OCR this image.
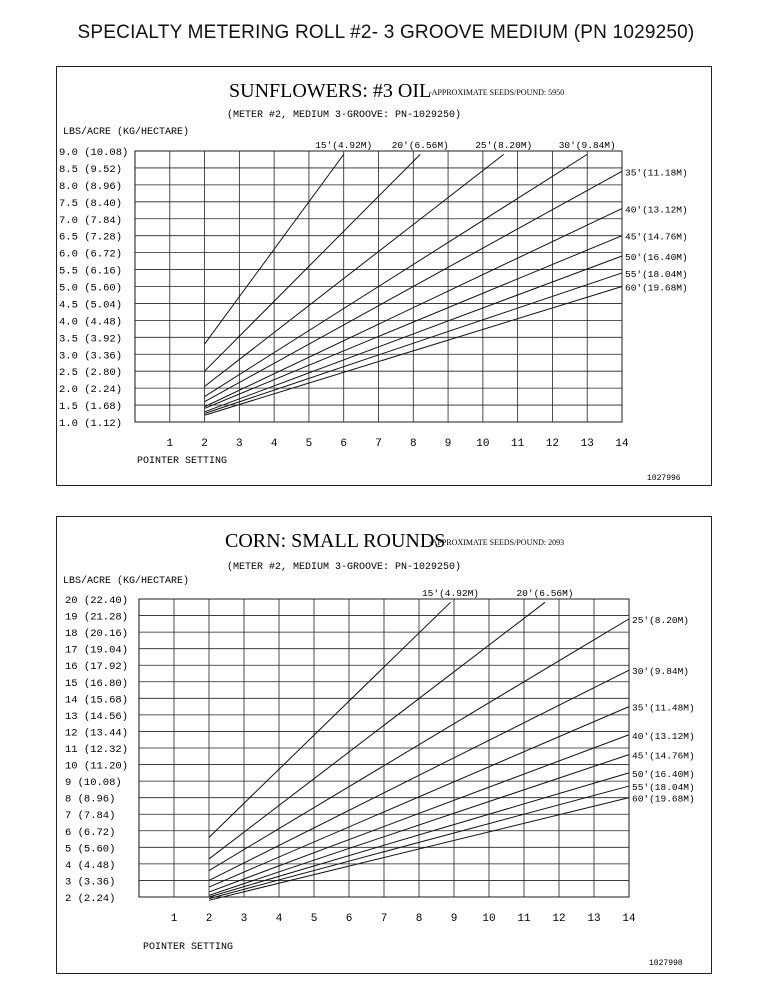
SPECIALTY METERING ROLL #2- 3 GROOVE MEDIUM (PN 1029250)
SUNFLOWERS: #3 OIL
-APPROXIMATE SEEDS/POUND: 5950
(METER #2, MEDIUM 3-GROOVE: PN-1029250)
LBS/ACRE (KG/HECTARE)
9.0 (10.08)
8.5 (9.52)
8.0 (8.96)
7.5 (8.40)
7.0 (7.84)
6.5 (7.28)
6.0 (6.72)
5.5 (6.16)
5.0 (5.60)
4.5 (5.04)
4.0 (4.48)
3.5 (3.92)
3.0 (3.36)
2.5 (2.80)
2.0 (2.24)
1.5 (1.68)
1.0 (1.12)
1	2	3	4	5	6	7	8	9 10 11 12 13 14
POINTER SETTING
1027996
15'(4.92M) 20'(6.56M)	25'(8.20M)	30'(9.84M)
35'(11.18M)
40'(13.12M)
45'(14.76M)
50'(16.40M)
55'(18.04M)
60'(19.68M)
CORN: SMALL ROUNDS
-APPROXIMATE SEEDS/POUND: 2093
(METER #2, MEDIUM 3-GROOVE: PN-1029250)
LBS/ACRE (KG/HECTARE)
20 (22.40)
19 (21.28)
18 (20.16)
17 (19.04)
16 (17.92)
15 (16.80)
14 (15.68)
13 (14.56)
12 (13.44)
11 (12.32)
10 (11.20)
9 (10.08)
8 (8.96)
7 (7.84)
6 (6.72)
5 (5.60)
4 (4.48)
3 (3.36)
2 (2.24)
1	2	3	4	5	6	7	8	9 10 11 12 13 14
POINTER SETTING
1027998
15'(4.92M)	20'(6.56M)
25'(8.20M)
30'(9.84M)
35'(11.48M)
40'(13.12M)
45'(14.76M)
50'(16.40M)
55'(18.04M)
60'(19.68M)
